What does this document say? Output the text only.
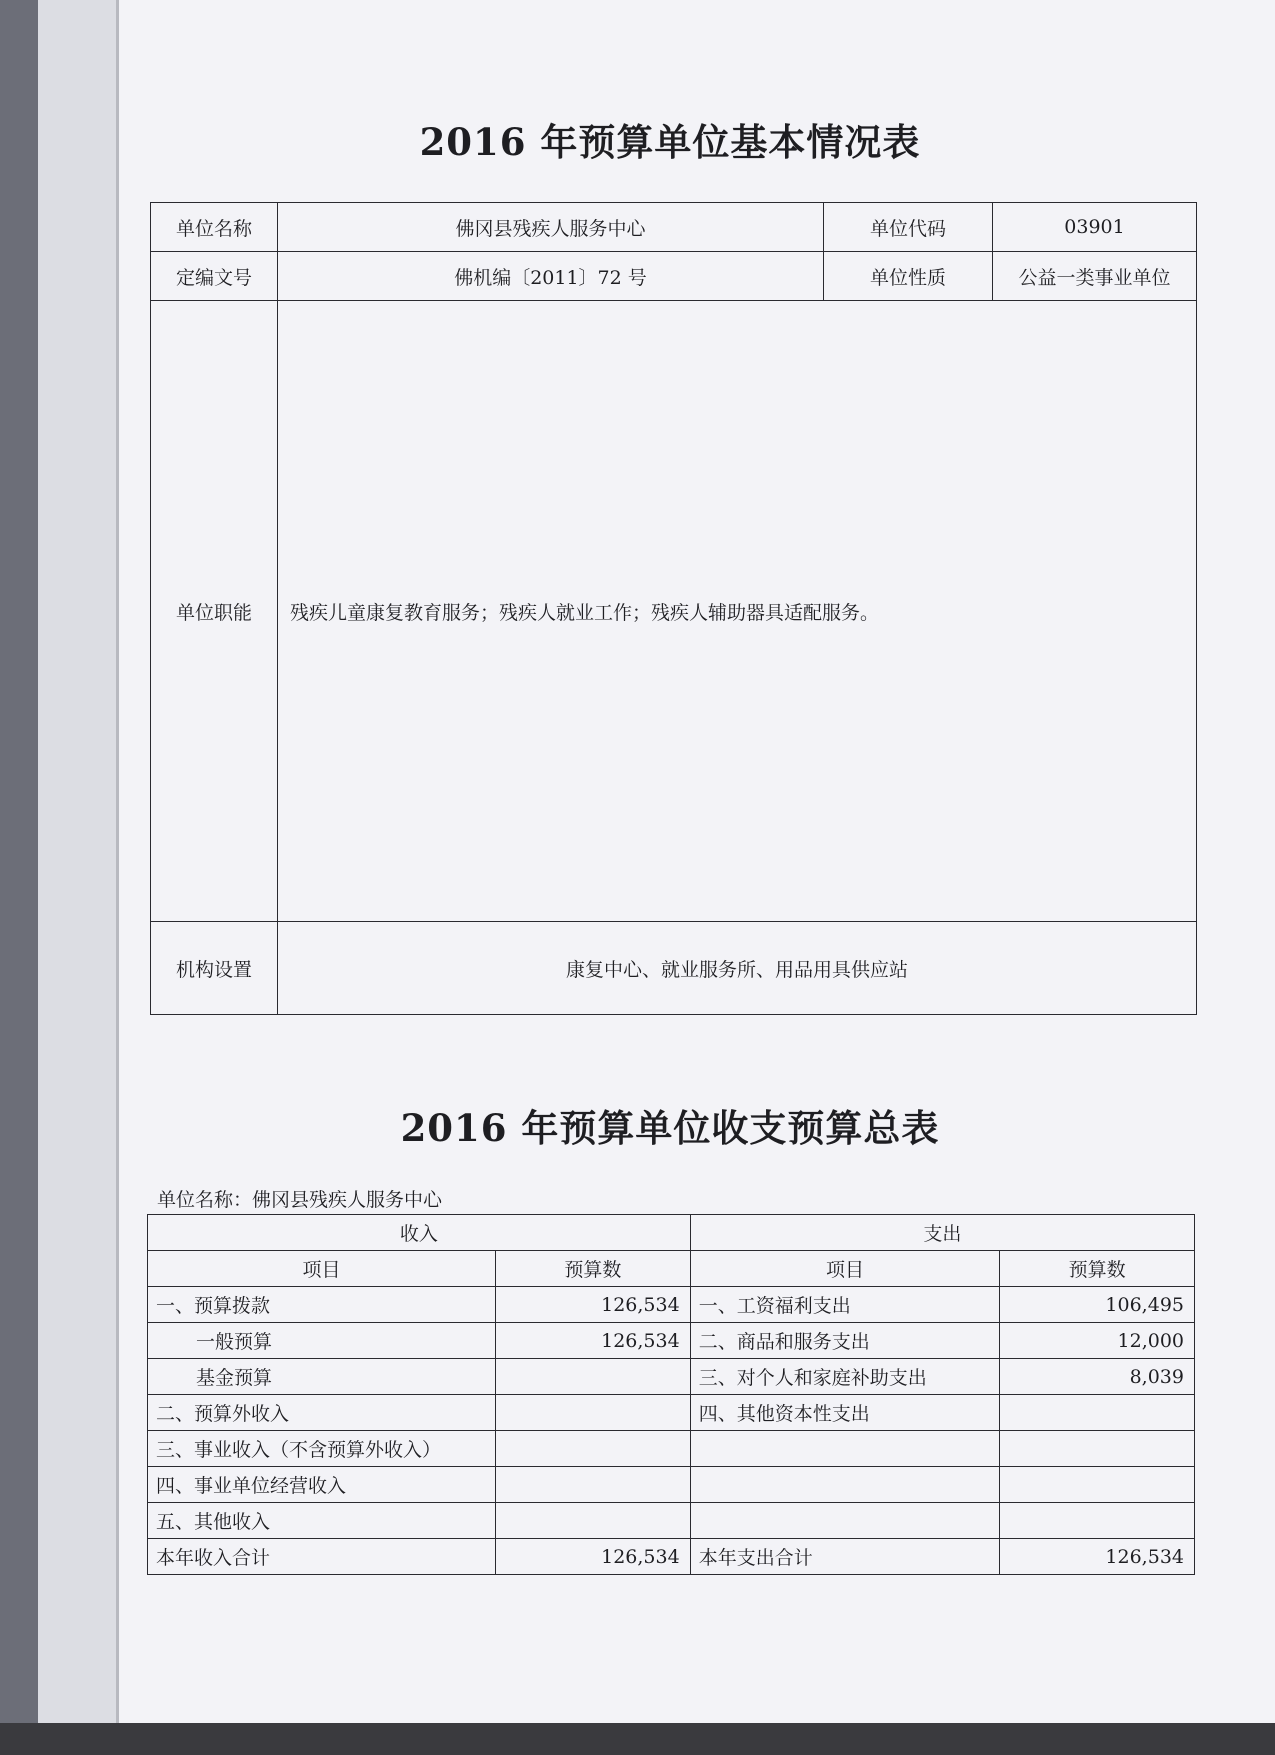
2016 年预算单位基本情况表
单位名称	佛冈县残疾人服务中心	单位代码	03901
定编文号	佛机编〔2011〕72 号	单位性质	公益一类事业单位
单位职能	残疾儿童康复教育服务；残疾人就业工作；残疾人辅助器具适配服务。		
机构设置	康复中心、就业服务所、用品用具供应站		
2016 年预算单位收支预算总表
单位名称：佛冈县残疾人服务中心
收入		支出	
项目	预算数	项目	预算数
一、预算拨款	126,534	一、工资福利支出	106,495
一般预算	126,534	二、商品和服务支出	12,000
基金预算		三、对个人和家庭补助支出	8,039
二、预算外收入		四、其他资本性支出	
三、事业收入（不含预算外收入）			
四、事业单位经营收入			
五、其他收入			
本年收入合计	126,534	本年支出合计	126,534
